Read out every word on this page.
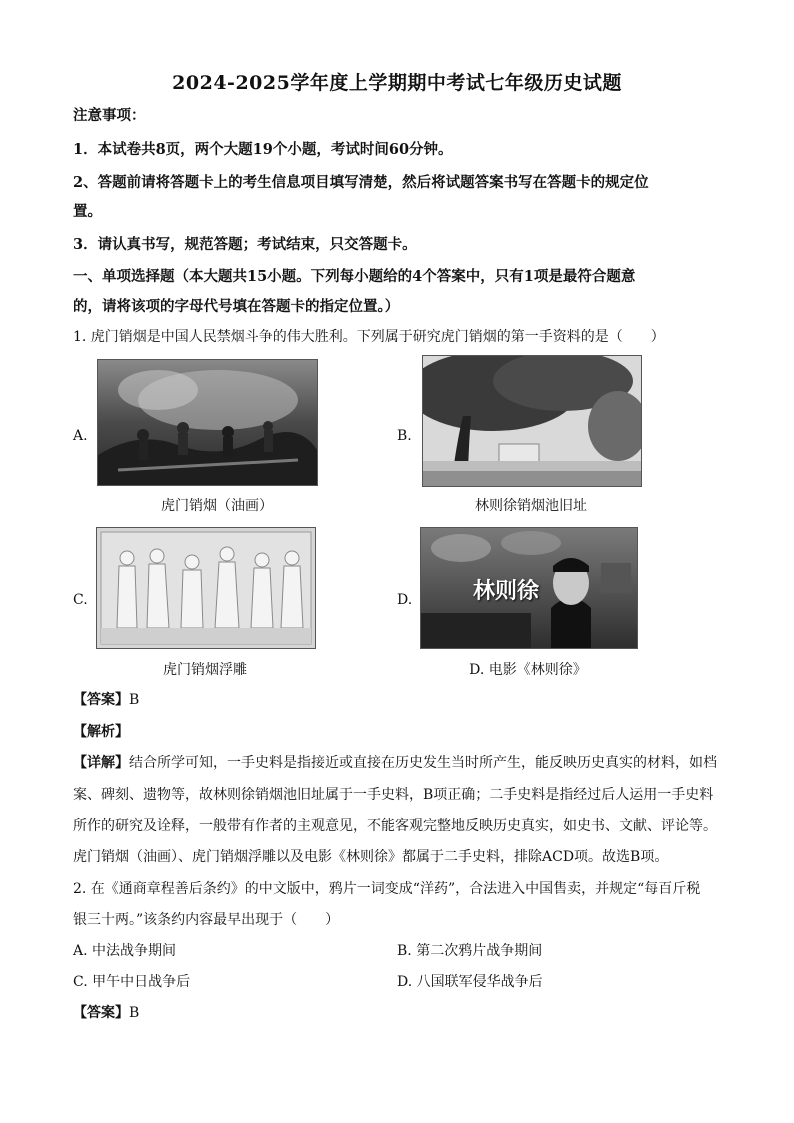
2024-2025学年度上学期期中考试七年级历史试题
注意事项：
1．本试卷共8页，两个大题19个小题，考试时间60分钟。
2、答题前请将答题卡上的考生信息项目填写清楚，然后将试题答案书写在答题卡的规定位
置。
3．请认真书写，规范答题；考试结束，只交答题卡。
一、单项选择题（本大题共15小题。下列每小题给的4个答案中，只有1项是最符合题意
的，请将该项的字母代号填在答题卡的指定位置。）
1. 虎门销烟是中国人民禁烟斗争的伟大胜利。下列属于研究虎门销烟的第一手资料的是（　　）
A.
虎门销烟（油画）
B.
林则徐销烟池旧址
C.
虎门销烟浮雕
D.	林则徐
D. 电影《林则徐》
【答案】B
【解析】
【详解】结合所学可知，一手史料是指接近或直接在历史发生当时所产生，能反映历史真实的材料，如档
案、碑刻、遗物等，故林则徐销烟池旧址属于一手史料，B项正确；二手史料是指经过后人运用一手史料
所作的研究及诠释，一般带有作者的主观意见，不能客观完整地反映历史真实，如史书、文献、评论等。
虎门销烟（油画）、虎门销烟浮雕以及电影《林则徐》都属于二手史料，排除ACD项。故选B项。
2. 在《通商章程善后条约》的中文版中，鸦片一词变成“洋药”，合法进入中国售卖，并规定“每百斤税
银三十两。”该条约内容最早出现于（　　）
A. 中法战争期间	B. 第二次鸦片战争期间
C. 甲午中日战争后	D. 八国联军侵华战争后
【答案】B
